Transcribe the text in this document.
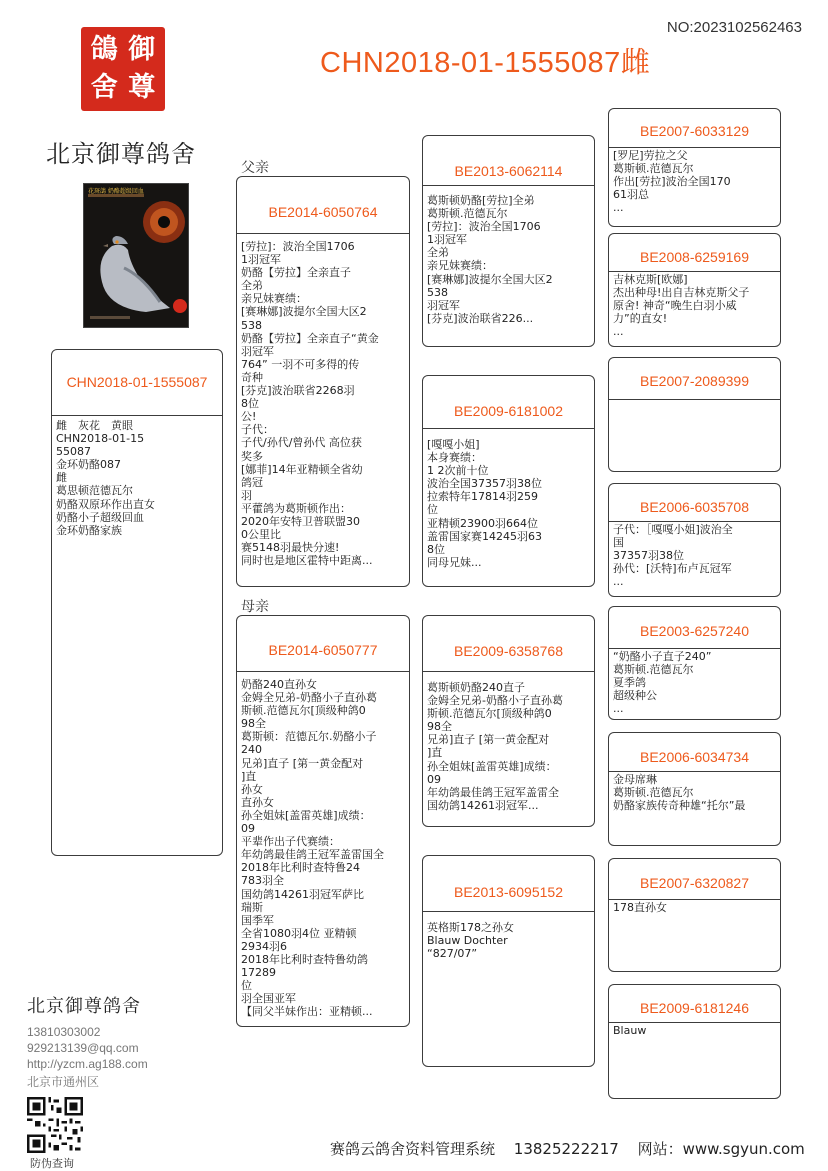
NO:2023102562463
CHN2018-01-1555087雌
鴿 御
舍 尊
北京御尊鸽舍
花斑鴿 奶酪超级回血
父亲
母亲
CHN2018-01-1555087
雌　灰花　黄眼
CHN2018-01-15
55087
金环奶酪087
雌
葛思顿范德瓦尔
奶酪双原环作出直女
奶酪小子超级回血
金环奶酪家族
BE2014-6050764
[劳拉]：波治全国1706
1羽冠军
奶酪【劳拉】全亲直子
全弟
亲兄妹赛绩：
[赛琳娜]波提尔全国大区2
538
奶酪【劳拉】全亲直子“黄金
羽冠军
764” 一羽不可多得的传
奇种
[芬克]波治联省2268羽
8位
公!
子代：
子代/孙代/曾孙代 高位获
奖多
[娜菲]14年亚精顿全省幼
鸽冠
羽
平藿鸽为葛斯顿作出：
2020年安特卫普联盟30
0公里比
赛5148羽最快分速!
同时也是地区霍特中距离...
BE2014-6050777
奶酪240直孙女
金姆全兄弟-奶酪小子直孙葛
斯顿.范德瓦尔[顶级种鸽0
98全
葛斯顿：范德瓦尔.奶酪小子
240
兄弟]直子 [第一黄金配对
]直
孙女
直孙女
孙全姐妹[盖雷英雄]成绩：
09
平辈作出子代赛绩：
年幼鸽最佳鸽王冠军盖雷国全
2018年比利时查特鲁24
783羽全
国幼鸽14261羽冠军萨比
瑞斯
国季军
全省1080羽4位 亚精顿
2934羽6
2018年比利时查特鲁幼鸽
17289
位
羽全国亚军
【同父半妹作出：亚精顿...
BE2013-6062114
葛斯顿奶酪[劳拉]全弟
葛斯顿.范德瓦尔
[劳拉]：波治全国1706
1羽冠军
全弟
亲兄妹赛绩：
[赛琳娜]波提尔全国大区2
538
羽冠军
[芬克]波治联省226...
BE2009-6181002
[嘎嘎小姐]
本身赛绩：
1 2次前十位
波治全国37357羽38位
拉索特年17814羽259
位
亚精顿23900羽664位
盖雷国家赛14245羽63
8位
同母兄妹...
BE2009-6358768
葛斯顿奶酪240直子
金姆全兄弟-奶酪小子直孙葛
斯顿.范德瓦尔[顶级种鸽0
98全
兄弟]直子 [第一黄金配对
]直
孙全姐妹[盖雷英雄]成绩：
09
年幼鸽最佳鸽王冠军盖雷全
国幼鸽14261羽冠军...
BE2013-6095152
英格斯178之孙女
Blauw Dochter
“827/07”
BE2007-6033129
[罗尼]劳拉之父
葛斯顿.范德瓦尔
作出[劳拉]波治全国170
61羽总
...
BE2008-6259169
吉林克斯[欧娜]
杰出种母!出自吉林克斯父子
原舍! 神奇“晚生白羽小威
力”的直女!
...
BE2007-2089399
BE2006-6035708
子代：［嘎嘎小姐]波治全
国
37357羽38位
孙代：[沃特]布卢瓦冠军
...
BE2003-6257240
“奶酪小子直子240”
葛斯顿.范德瓦尔
夏季鸽
超级种公
...
BE2006-6034734
金母席琳
葛斯顿.范德瓦尔
奶酪家族传奇种雄“托尔”最
BE2007-6320827
178直孙女
BE2009-6181246
Blauw
北京御尊鸽舍
13810303002
929213139@qq.com
http://yzcm.ag188.com
北京市通州区
防伪查询
赛鸽云鸽舍资料管理系统 13825222217 网站：www.sgyun.com
